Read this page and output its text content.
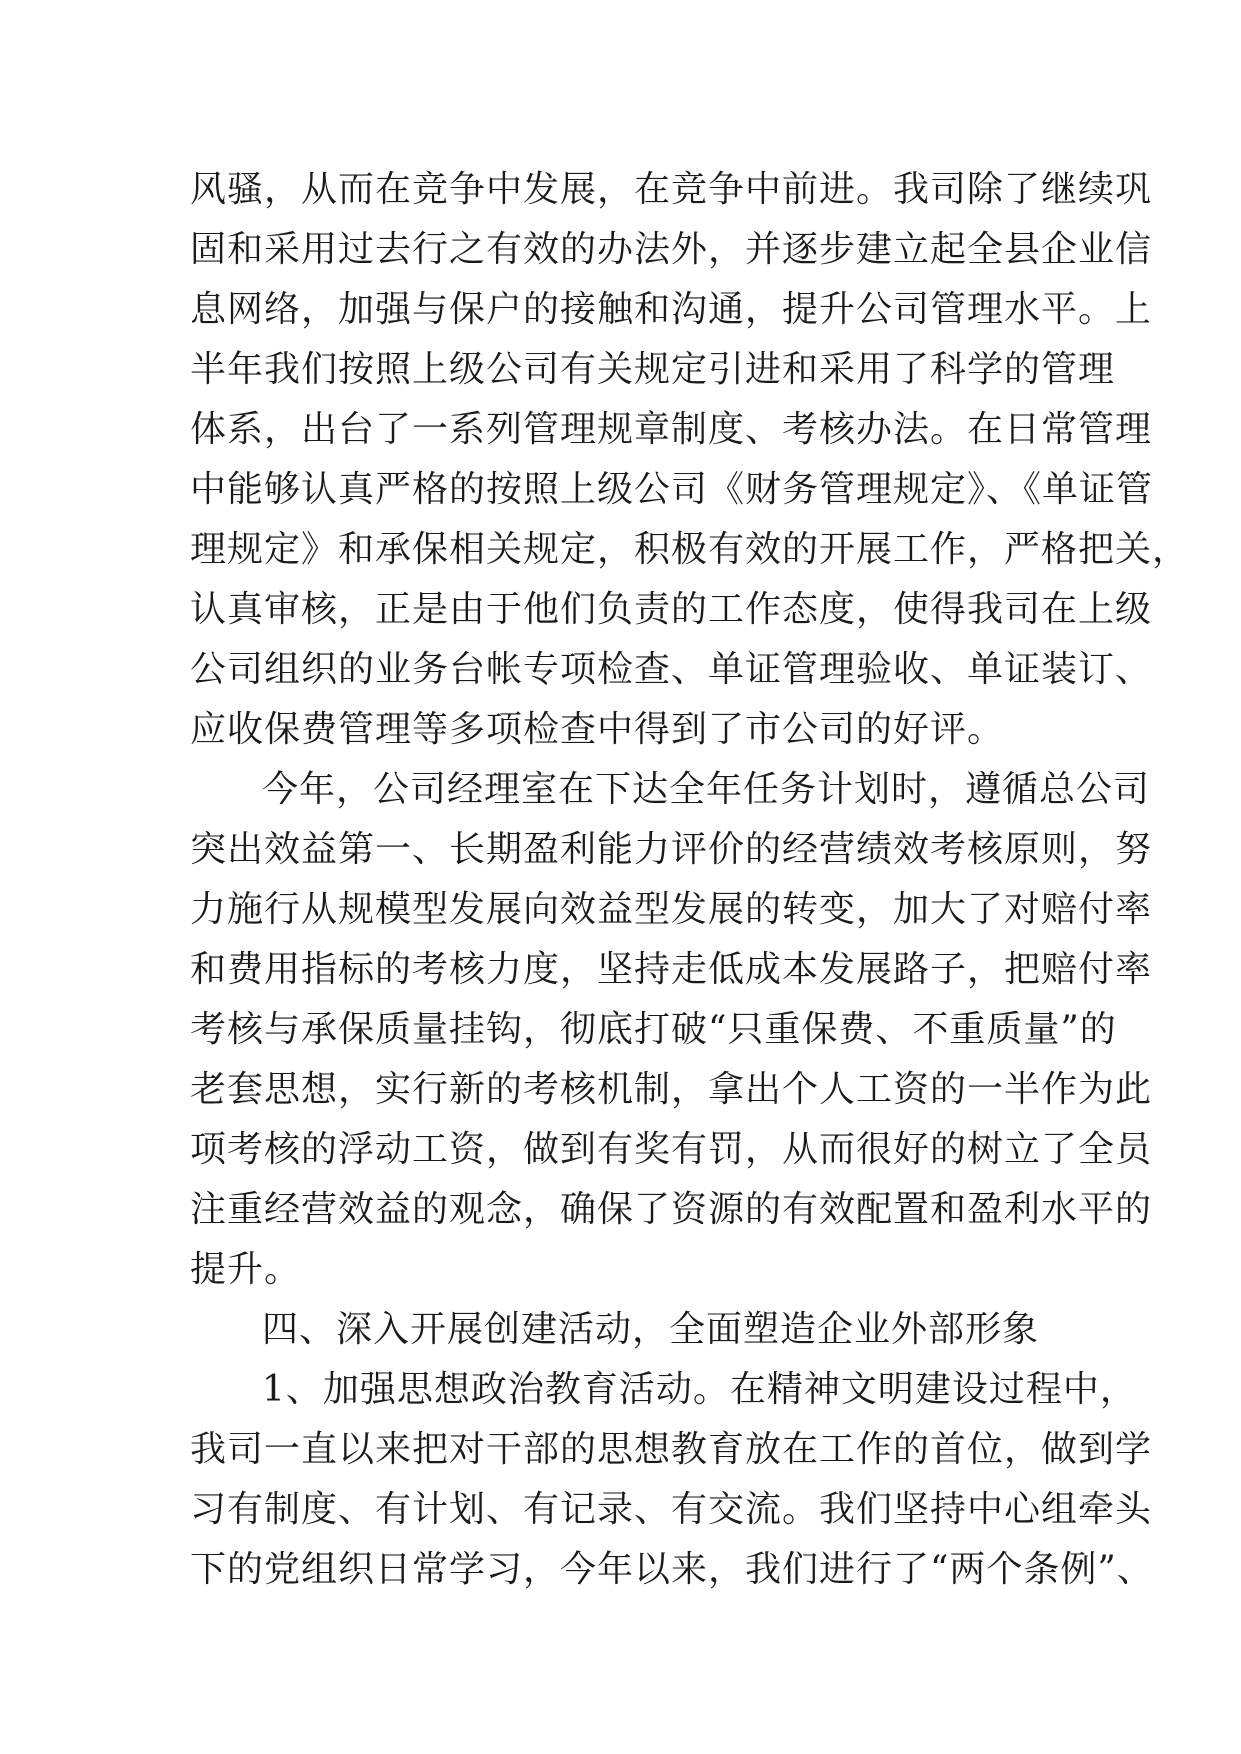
风骚，从而在竞争中发展，在竞争中前进。我司除了继续巩
固和采用过去行之有效的办法外，并逐步建立起全县企业信
息网络，加强与保户的接触和沟通，提升公司管理水平。上
半年我们按照上级公司有关规定引进和采用了科学的管理
体系，出台了一系列管理规章制度、考核办法。在日常管理
中能够认真严格的按照上级公司《财务管理规定》、《单证管
理规定》和承保相关规定，积极有效的开展工作，严格把关，
认真审核，正是由于他们负责的工作态度，使得我司在上级
公司组织的业务台帐专项检查、单证管理验收、单证装订、
应收保费管理等多项检查中得到了市公司的好评。
今年，公司经理室在下达全年任务计划时，遵循总公司
突出效益第一、长期盈利能力评价的经营绩效考核原则，努
力施行从规模型发展向效益型发展的转变，加大了对赔付率
和费用指标的考核力度，坚持走低成本发展路子，把赔付率
考核与承保质量挂钩，彻底打破“只重保费、不重质量”的
老套思想，实行新的考核机制，拿出个人工资的一半作为此
项考核的浮动工资，做到有奖有罚，从而很好的树立了全员
注重经营效益的观念，确保了资源的有效配置和盈利水平的
提升。
四、深入开展创建活动，全面塑造企业外部形象
1、加强思想政治教育活动。在精神文明建设过程中，
我司一直以来把对干部的思想教育放在工作的首位，做到学
习有制度、有计划、有记录、有交流。我们坚持中心组牵头
下的党组织日常学习，今年以来，我们进行了“两个条例”、
